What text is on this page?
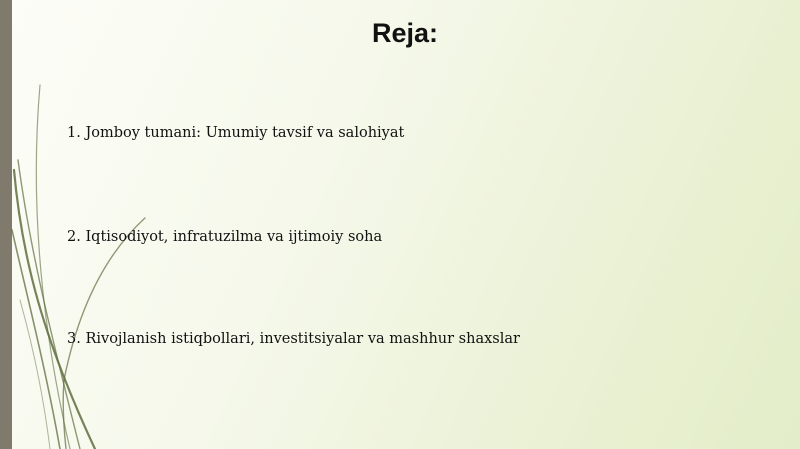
Reja:

1. Jomboy tumani: Umumiy tavsif va salohiyat

2. Iqtisodiyot, infratuzilma va ijtimoiy soha

3. Rivojlanish istiqbollari, investitsiyalar va mashhur shaxslar
